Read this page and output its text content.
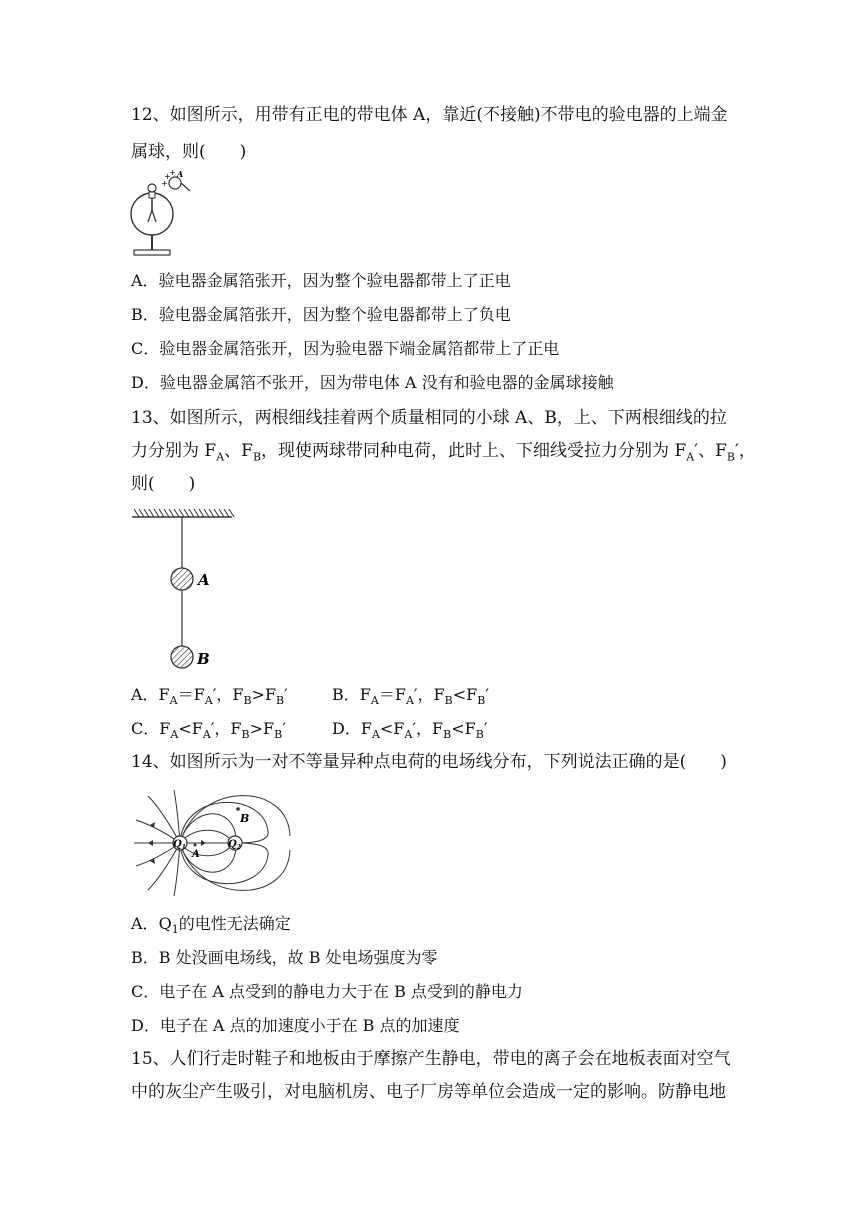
12、如图所示，用带有正电的带电体 A，靠近(不接触)不带电的验电器的上端金
属球，则(　　)
+
+
+
A
A．验电器金属箔张开，因为整个验电器都带上了正电
B．验电器金属箔张开，因为整个验电器都带上了负电
C．验电器金属箔张开，因为验电器下端金属箔都带上了正电
D．验电器金属箔不张开，因为带电体 A 没有和验电器的金属球接触
13、如图所示，两根细线挂着两个质量相同的小球 A、B，上、下两根细线的拉
力分别为 $F_A$、$F_B$，现使两球带同种电荷，此时上、下细线受拉力分别为 $F_A'$、$F_B'$，
则(　　)
A
B
A．$F_A=F_A'$，$F_B>F_B'$	B．$F_A=F_A'$，$F_B<F_B'$
C．$F_A<F_A'$，$F_B>F_B'$	D．$F_A<F_A'$，$F_B<F_B'$
14、如图所示为一对不等量异种点电荷的电场线分布，下列说法正确的是(　　)
$Q_1$	$Q_2$
B
A
A．$Q_1$的电性无法确定
B．B 处没画电场线，故 B 处电场强度为零
C．电子在 A 点受到的静电力大于在 B 点受到的静电力
D．电子在 A 点的加速度小于在 B 点的加速度
15、人们行走时鞋子和地板由于摩擦产生静电，带电的离子会在地板表面对空气
中的灰尘产生吸引，对电脑机房、电子厂房等单位会造成一定的影响。防静电地
